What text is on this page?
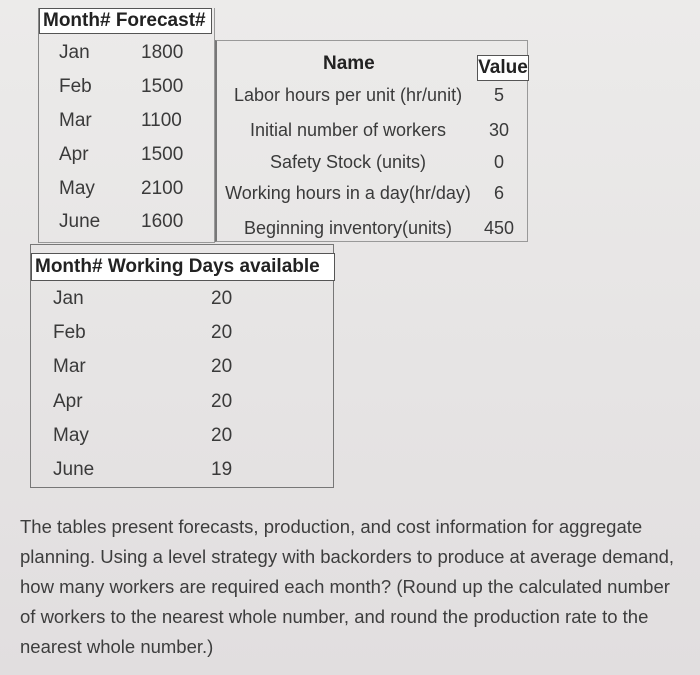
Month# Forecast#
Jan	1800
Feb	1500
Mar	1100
Apr	1500
May 2100
June 1600
Name	Value
Labor hours per unit (hr/unit)	5
Initial number of workers	30
Safety Stock (units)	0
Working hours in a day(hr/day)	6
Beginning inventory(units)	450
Month# Working Days available
Jan	20
Feb	20
Mar	20
Apr	20
May	20
June	19
The tables present forecasts, production, and cost information for aggregate planning. Using a level strategy with backorders to produce at average demand, how many workers are required each month? (Round up the calculated number of workers to the nearest whole number, and round the production rate to the nearest whole number.)
